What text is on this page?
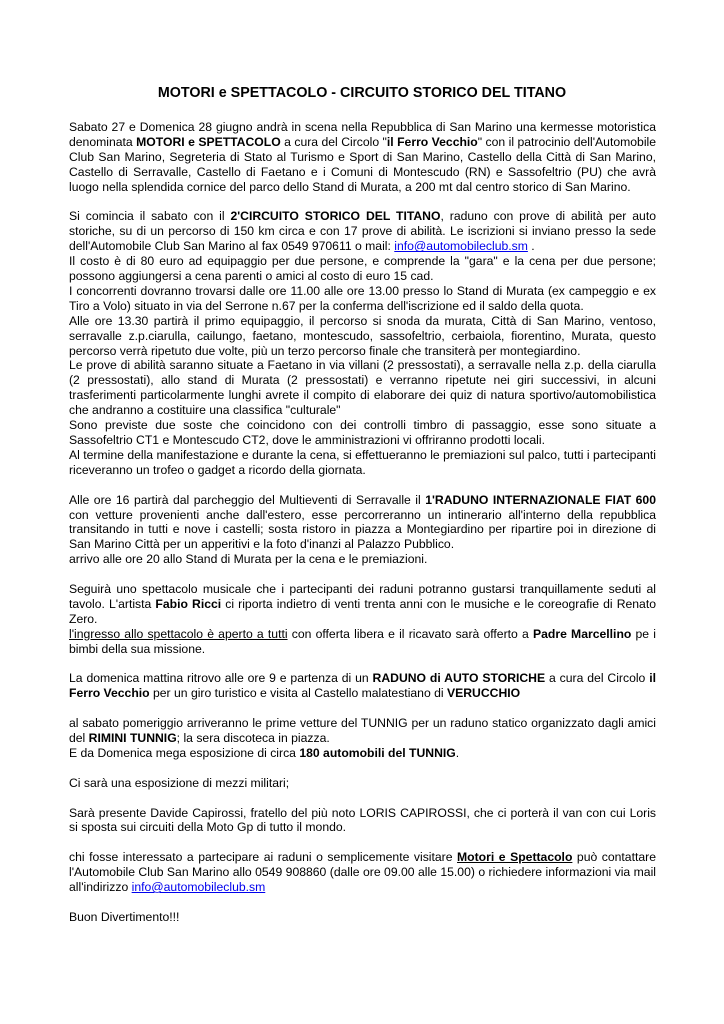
MOTORI e SPETTACOLO - CIRCUITO STORICO DEL TITANO

Sabato 27 e Domenica 28 giugno andrà in scena nella Repubblica di San Marino una kermesse motoristica denominata MOTORI e SPETTACOLO a cura del Circolo "il Ferro Vecchio" con il patrocinio dell'Automobile Club San Marino, Segreteria di Stato al Turismo e Sport di San Marino, Castello della Città di San Marino, Castello di Serravalle, Castello di Faetano e i Comuni di Montescudo (RN) e Sassofeltrio (PU) che avrà luogo nella splendida cornice del parco dello Stand di Murata, a 200 mt dal centro storico di San Marino.

Si comincia il sabato con il 2'CIRCUITO STORICO DEL TITANO, raduno con prove di abilità per auto storiche, su di un percorso di 150 km circa e con 17 prove di abilità. Le iscrizioni si inviano presso la sede dell'Automobile Club San Marino al fax 0549 970611 o mail: info@automobileclub.sm .

Il costo è di 80 euro ad equipaggio per due persone, e comprende la "gara" e la cena per due persone; possono aggiungersi a cena parenti o amici al costo di euro 15 cad.

I concorrenti dovranno trovarsi dalle ore 11.00 alle ore 13.00 presso lo Stand di Murata (ex campeggio e ex Tiro a Volo) situato in via del Serrone n.67 per la conferma dell'iscrizione ed il saldo della quota.

Alle ore 13.30 partirà il primo equipaggio, il percorso si snoda da murata, Città di San Marino, ventoso, serravalle z.p.ciarulla, cailungo, faetano, montescudo, sassofeltrio, cerbaiola, fiorentino, Murata, questo percorso verrà ripetuto due volte, più un terzo percorso finale che transiterà per montegiardino.

Le prove di abilità saranno situate a Faetano in via villani (2 pressostati), a serravalle nella z.p. della ciarulla (2 pressostati), allo stand di Murata (2 pressostati) e verranno ripetute nei giri successivi, in alcuni trasferimenti particolarmente lunghi avrete il compito di elaborare dei quiz di natura sportivo/automobilistica che andranno a costituire una classifica "culturale"

Sono previste due soste che coincidono con dei controlli timbro di passaggio, esse sono situate a Sassofeltrio CT1 e Montescudo CT2, dove le amministrazioni vi offriranno prodotti locali.

Al termine della manifestazione e durante la cena, si effettueranno le premiazioni sul palco, tutti i partecipanti riceveranno un trofeo o gadget a ricordo della giornata.

Alle ore 16 partirà dal parcheggio del Multieventi di Serravalle il 1'RADUNO INTERNAZIONALE FIAT 600 con vetture provenienti anche dall'estero, esse percorreranno un intinerario all'interno della repubblica transitando in tutti e nove i castelli; sosta ristoro in piazza a Montegiardino per ripartire poi in direzione di San Marino Città per un apperitivi e la foto d'inanzi al Palazzo Pubblico.

arrivo alle ore 20 allo Stand di Murata per la cena e le premiazioni.

Seguirà uno spettacolo musicale che i partecipanti dei raduni potranno gustarsi tranquillamente seduti al tavolo. L'artista Fabio Ricci ci riporta indietro di venti trenta anni con le musiche e le coreografie di Renato Zero.

l'ingresso allo spettacolo è aperto a tutti con offerta libera e il ricavato sarà offerto a Padre Marcellino pe i bimbi della sua missione.

La domenica mattina ritrovo alle ore 9 e partenza di un RADUNO di AUTO STORICHE a cura del Circolo il Ferro Vecchio per un giro turistico e visita al Castello malatestiano di VERUCCHIO

al sabato pomeriggio arriveranno le prime vetture del TUNNIG per un raduno statico organizzato dagli amici del RIMINI TUNNIG; la sera discoteca in piazza.

E da Domenica mega esposizione di circa 180 automobili del TUNNIG.

Ci sarà una esposizione di mezzi militari;

Sarà presente Davide Capirossi, fratello del più noto LORIS CAPIROSSI, che ci porterà il van con cui Loris si sposta sui circuiti della Moto Gp di tutto il mondo.

chi fosse interessato a partecipare ai raduni o semplicemente visitare Motori e Spettacolo può contattare l'Automobile Club San Marino allo 0549 908860 (dalle ore 09.00 alle 15.00) o richiedere informazioni via mail all'indirizzo info@automobileclub.sm

Buon Divertimento!!!
